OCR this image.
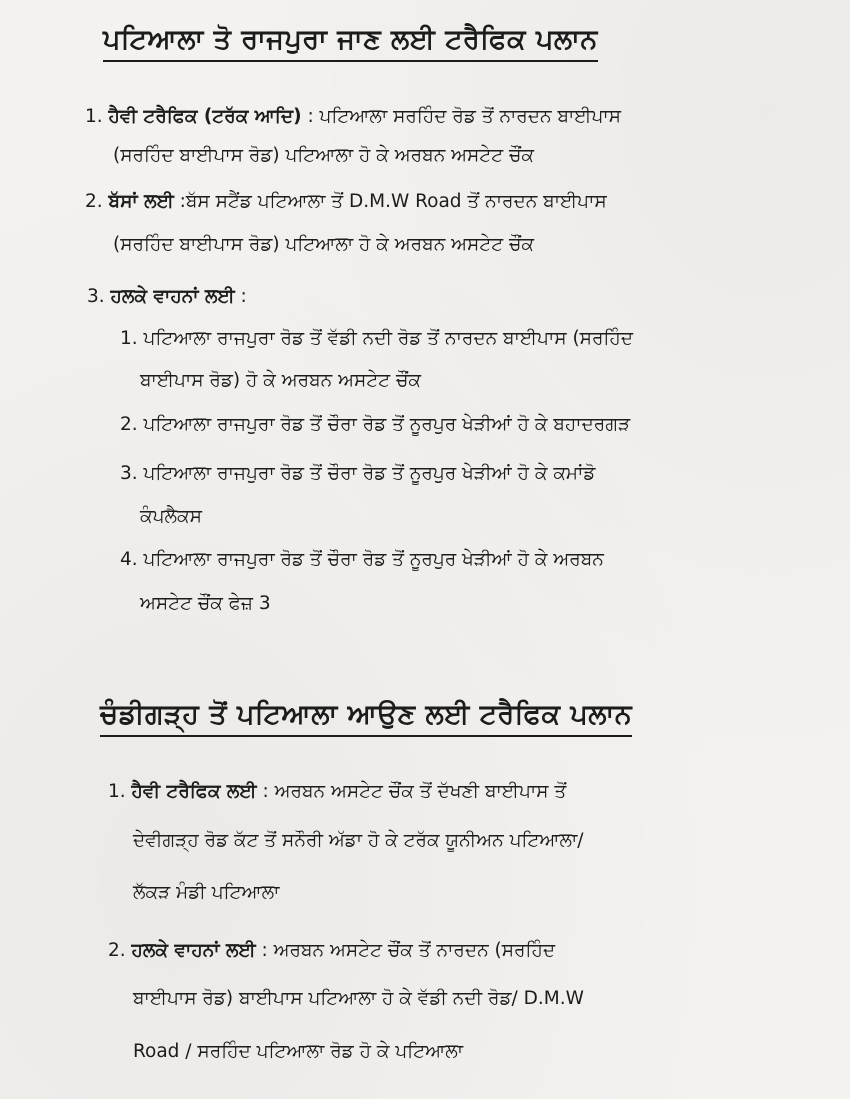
ਪਟਿਆਲਾ ਤੋ ਰਾਜਪੁਰਾ ਜਾਣ ਲਈ ਟਰੈਫਿਕ ਪਲਾਨ
1. ਹੈਵੀ ਟਰੈਫਿਕ (ਟਰੱਕ ਆਦਿ) : ਪਟਿਆਲਾ ਸਰਹਿੰਦ ਰੋਡ ਤੋਂ ਨਾਰਦਨ ਬਾਈਪਾਸ
(ਸਰਹਿੰਦ ਬਾਈਪਾਸ ਰੋਡ) ਪਟਿਆਲਾ ਹੋ ਕੇ ਅਰਬਨ ਅਸਟੇਟ ਚੌਂਕ
2. ਬੱਸਾਂ ਲਈ :ਬੱਸ ਸਟੈਂਡ ਪਟਿਆਲਾ ਤੋਂ D.M.W Road ਤੋਂ ਨਾਰਦਨ ਬਾਈਪਾਸ
(ਸਰਹਿੰਦ ਬਾਈਪਾਸ ਰੋਡ) ਪਟਿਆਲਾ ਹੋ ਕੇ ਅਰਬਨ ਅਸਟੇਟ ਚੌਂਕ
3. ਹਲਕੇ ਵਾਹਨਾਂ ਲਈ :
1. ਪਟਿਆਲਾ ਰਾਜਪੁਰਾ ਰੋਡ ਤੋਂ ਵੱਡੀ ਨਦੀ ਰੋਡ ਤੋਂ ਨਾਰਦਨ ਬਾਈਪਾਸ (ਸਰਹਿੰਦ
ਬਾਈਪਾਸ ਰੋਡ) ਹੋ ਕੇ ਅਰਬਨ ਅਸਟੇਟ ਚੌਂਕ
2. ਪਟਿਆਲਾ ਰਾਜਪੁਰਾ ਰੋਡ ਤੋਂ ਚੌਰਾ ਰੋਡ ਤੋਂ ਨੂਰਪੁਰ ਖੇੜੀਆਂ ਹੋ ਕੇ ਬਹਾਦਰਗੜ
3. ਪਟਿਆਲਾ ਰਾਜਪੁਰਾ ਰੋਡ ਤੋਂ ਚੌਰਾ ਰੋਡ ਤੋਂ ਨੂਰਪੁਰ ਖੇੜੀਆਂ ਹੋ ਕੇ ਕਮਾਂਡੋ
ਕੰਪਲੈਕਸ
4. ਪਟਿਆਲਾ ਰਾਜਪੁਰਾ ਰੋਡ ਤੋਂ ਚੌਰਾ ਰੋਡ ਤੋਂ ਨੂਰਪੁਰ ਖੇੜੀਆਂ ਹੋ ਕੇ ਅਰਬਨ
ਅਸਟੇਟ ਚੌਂਕ ਫੇਜ਼ 3
ਚੰਡੀਗੜ੍ਹ ਤੋਂ ਪਟਿਆਲਾ ਆਉਣ ਲਈ ਟਰੈਫਿਕ ਪਲਾਨ
1. ਹੈਵੀ ਟਰੈਫਿਕ ਲਈ : ਅਰਬਨ ਅਸਟੇਟ ਚੌਂਕ ਤੋਂ ਦੱਖਣੀ ਬਾਈਪਾਸ ਤੋਂ
ਦੇਵੀਗੜ੍ਹ ਰੋਡ ਕੱਟ ਤੋਂ ਸਨੌਰੀ ਅੱਡਾ ਹੋ ਕੇ ਟਰੱਕ ਯੂਨੀਅਨ ਪਟਿਆਲਾ/
ਲੱਕੜ ਮੰਡੀ ਪਟਿਆਲਾ
2. ਹਲਕੇ ਵਾਹਨਾਂ ਲਈ : ਅਰਬਨ ਅਸਟੇਟ ਚੌਂਕ ਤੋਂ ਨਾਰਦਨ (ਸਰਹਿੰਦ
ਬਾਈਪਾਸ ਰੋਡ) ਬਾਈਪਾਸ ਪਟਿਆਲਾ ਹੋ ਕੇ ਵੱਡੀ ਨਦੀ ਰੋਡ/ D.M.W
Road / ਸਰਹਿੰਦ ਪਟਿਆਲਾ ਰੋਡ ਹੋ ਕੇ ਪਟਿਆਲਾ
